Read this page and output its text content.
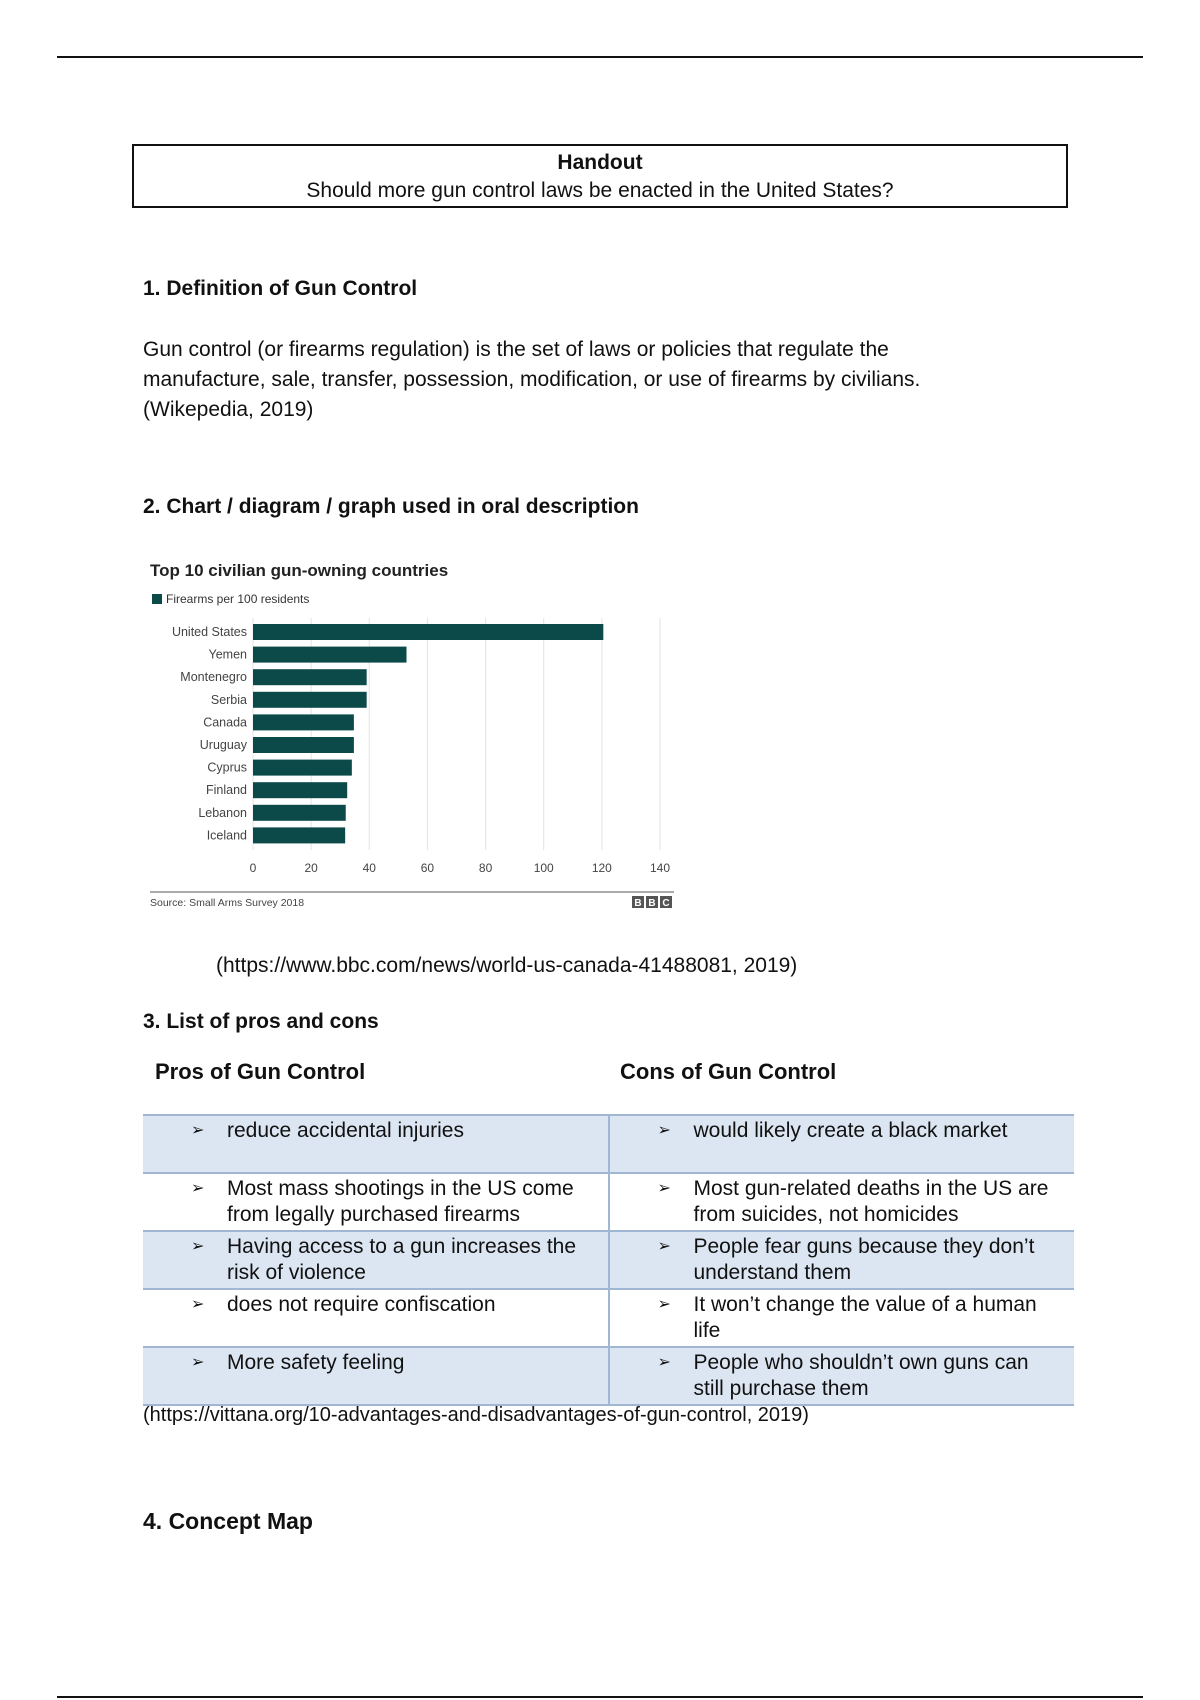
Handout
Should more gun control laws be enacted in the United States?
1. Definition of Gun Control
Gun control (or firearms regulation) is the set of laws or policies that regulate the
manufacture, sale, transfer, possession, modification, or use of firearms by civilians.
(Wikepedia, 2019)
2. Chart / diagram / graph used in oral description
Top 10 civilian gun-owning countries
Firearms per 100 residents
0	20	40	60	80	100	120	140
United States
Yemen
Montenegro
Serbia
Canada
Uruguay
Cyprus
Finland
Lebanon
Iceland
Source: Small Arms Survey 2018	B B C
(https://www.bbc.com/news/world-us-canada-41488081, 2019)
3. List of pros and cons
Pros of Gun Control	Cons of Gun Control
➢ reduce accidental injuries	➢ would likely create a black market

➢ Most mass shootings in the US come from legally purchased firearms	➢ Most gun-related deaths in the US are from suicides, not homicides

➢ Having access to a gun increases the risk of violence	➢ People fear guns because they don’t understand them

➢ does not require confiscation	➢ It won’t change the value of a human life

➢ More safety feeling	➢ People who shouldn’t own guns can still purchase them
(https://vittana.org/10-advantages-and-disadvantages-of-gun-control, 2019)
4. Concept Map
